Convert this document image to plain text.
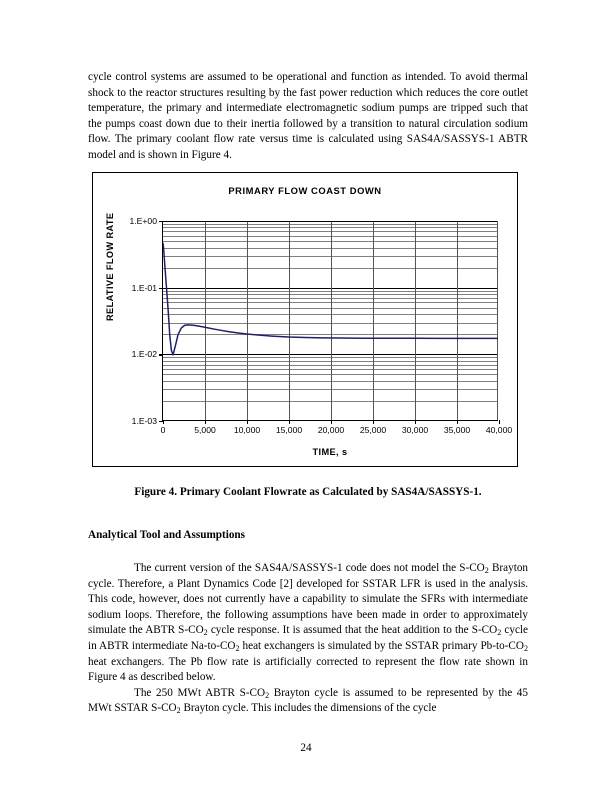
cycle control systems are assumed to be operational and function as intended. To avoid thermal shock to the reactor structures resulting by the fast power reduction which reduces the core outlet temperature, the primary and intermediate electromagnetic sodium pumps are tripped such that the pumps coast down due to their inertia followed by a transition to natural circulation sodium flow. The primary coolant flow rate versus time is calculated using SAS4A/SASSYS-1 ABTR model and is shown in Figure 4.

PRIMARY FLOW COAST DOWN
RELATIVE FLOW RATE
TIME, s
1.E+00
1.E-01
1.E-02
1.E-03
0	5,000 10,000 15,000 20,000 25,000 30,000 35,000 40,000
Figure 4. Primary Coolant Flowrate as Calculated by SAS4A/SASSYS-1.
Analytical Tool and Assumptions

The current version of the SAS4A/SASSYS-1 code does not model the $S-CO_2$ Brayton cycle. Therefore, a Plant Dynamics Code [2] developed for SSTAR LFR is used in the analysis. This code, however, does not currently have a capability to simulate the SFRs with intermediate sodium loops. Therefore, the following assumptions have been made in order to approximately simulate the ABTR $S-CO_2$ cycle response. It is assumed that the heat addition to the $S-CO_2$ cycle in ABTR intermediate $Na-to-CO_2$ heat exchangers is simulated by the SSTAR primary $Pb-to-CO_2$ heat exchangers. The Pb flow rate is artificially corrected to represent the flow rate shown in Figure 4 as described below.

The 250 MWt ABTR $S-CO_2$ Brayton cycle is assumed to be represented by the 45 MWt SSTAR $S-CO_2$ Brayton cycle. This includes the dimensions of the cycle

24
